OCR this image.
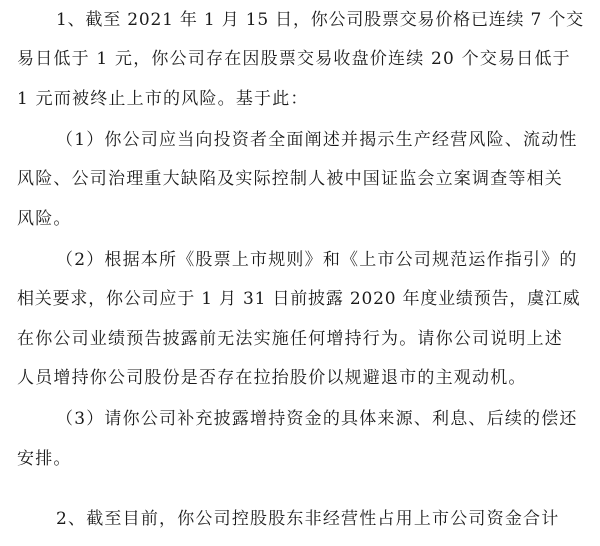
1、截至 2021 年 1 月 15 日，你公司股票交易价格已连续 7 个交
易日低于 1 元，你公司存在因股票交易收盘价连续 20 个交易日低于
1 元而被终止上市的风险。基于此：
（1）你公司应当向投资者全面阐述并揭示生产经营风险、流动性
风险、公司治理重大缺陷及实际控制人被中国证监会立案调查等相关
风险。
（2）根据本所《股票上市规则》和《上市公司规范运作指引》的
相关要求，你公司应于 1 月 31 日前披露 2020 年度业绩预告，虞江威
在你公司业绩预告披露前无法实施任何增持行为。请你公司说明上述
人员增持你公司股份是否存在拉抬股价以规避退市的主观动机。
（3）请你公司补充披露增持资金的具体来源、利息、后续的偿还
安排。
2、截至目前，你公司控股股东非经营性占用上市公司资金合计
